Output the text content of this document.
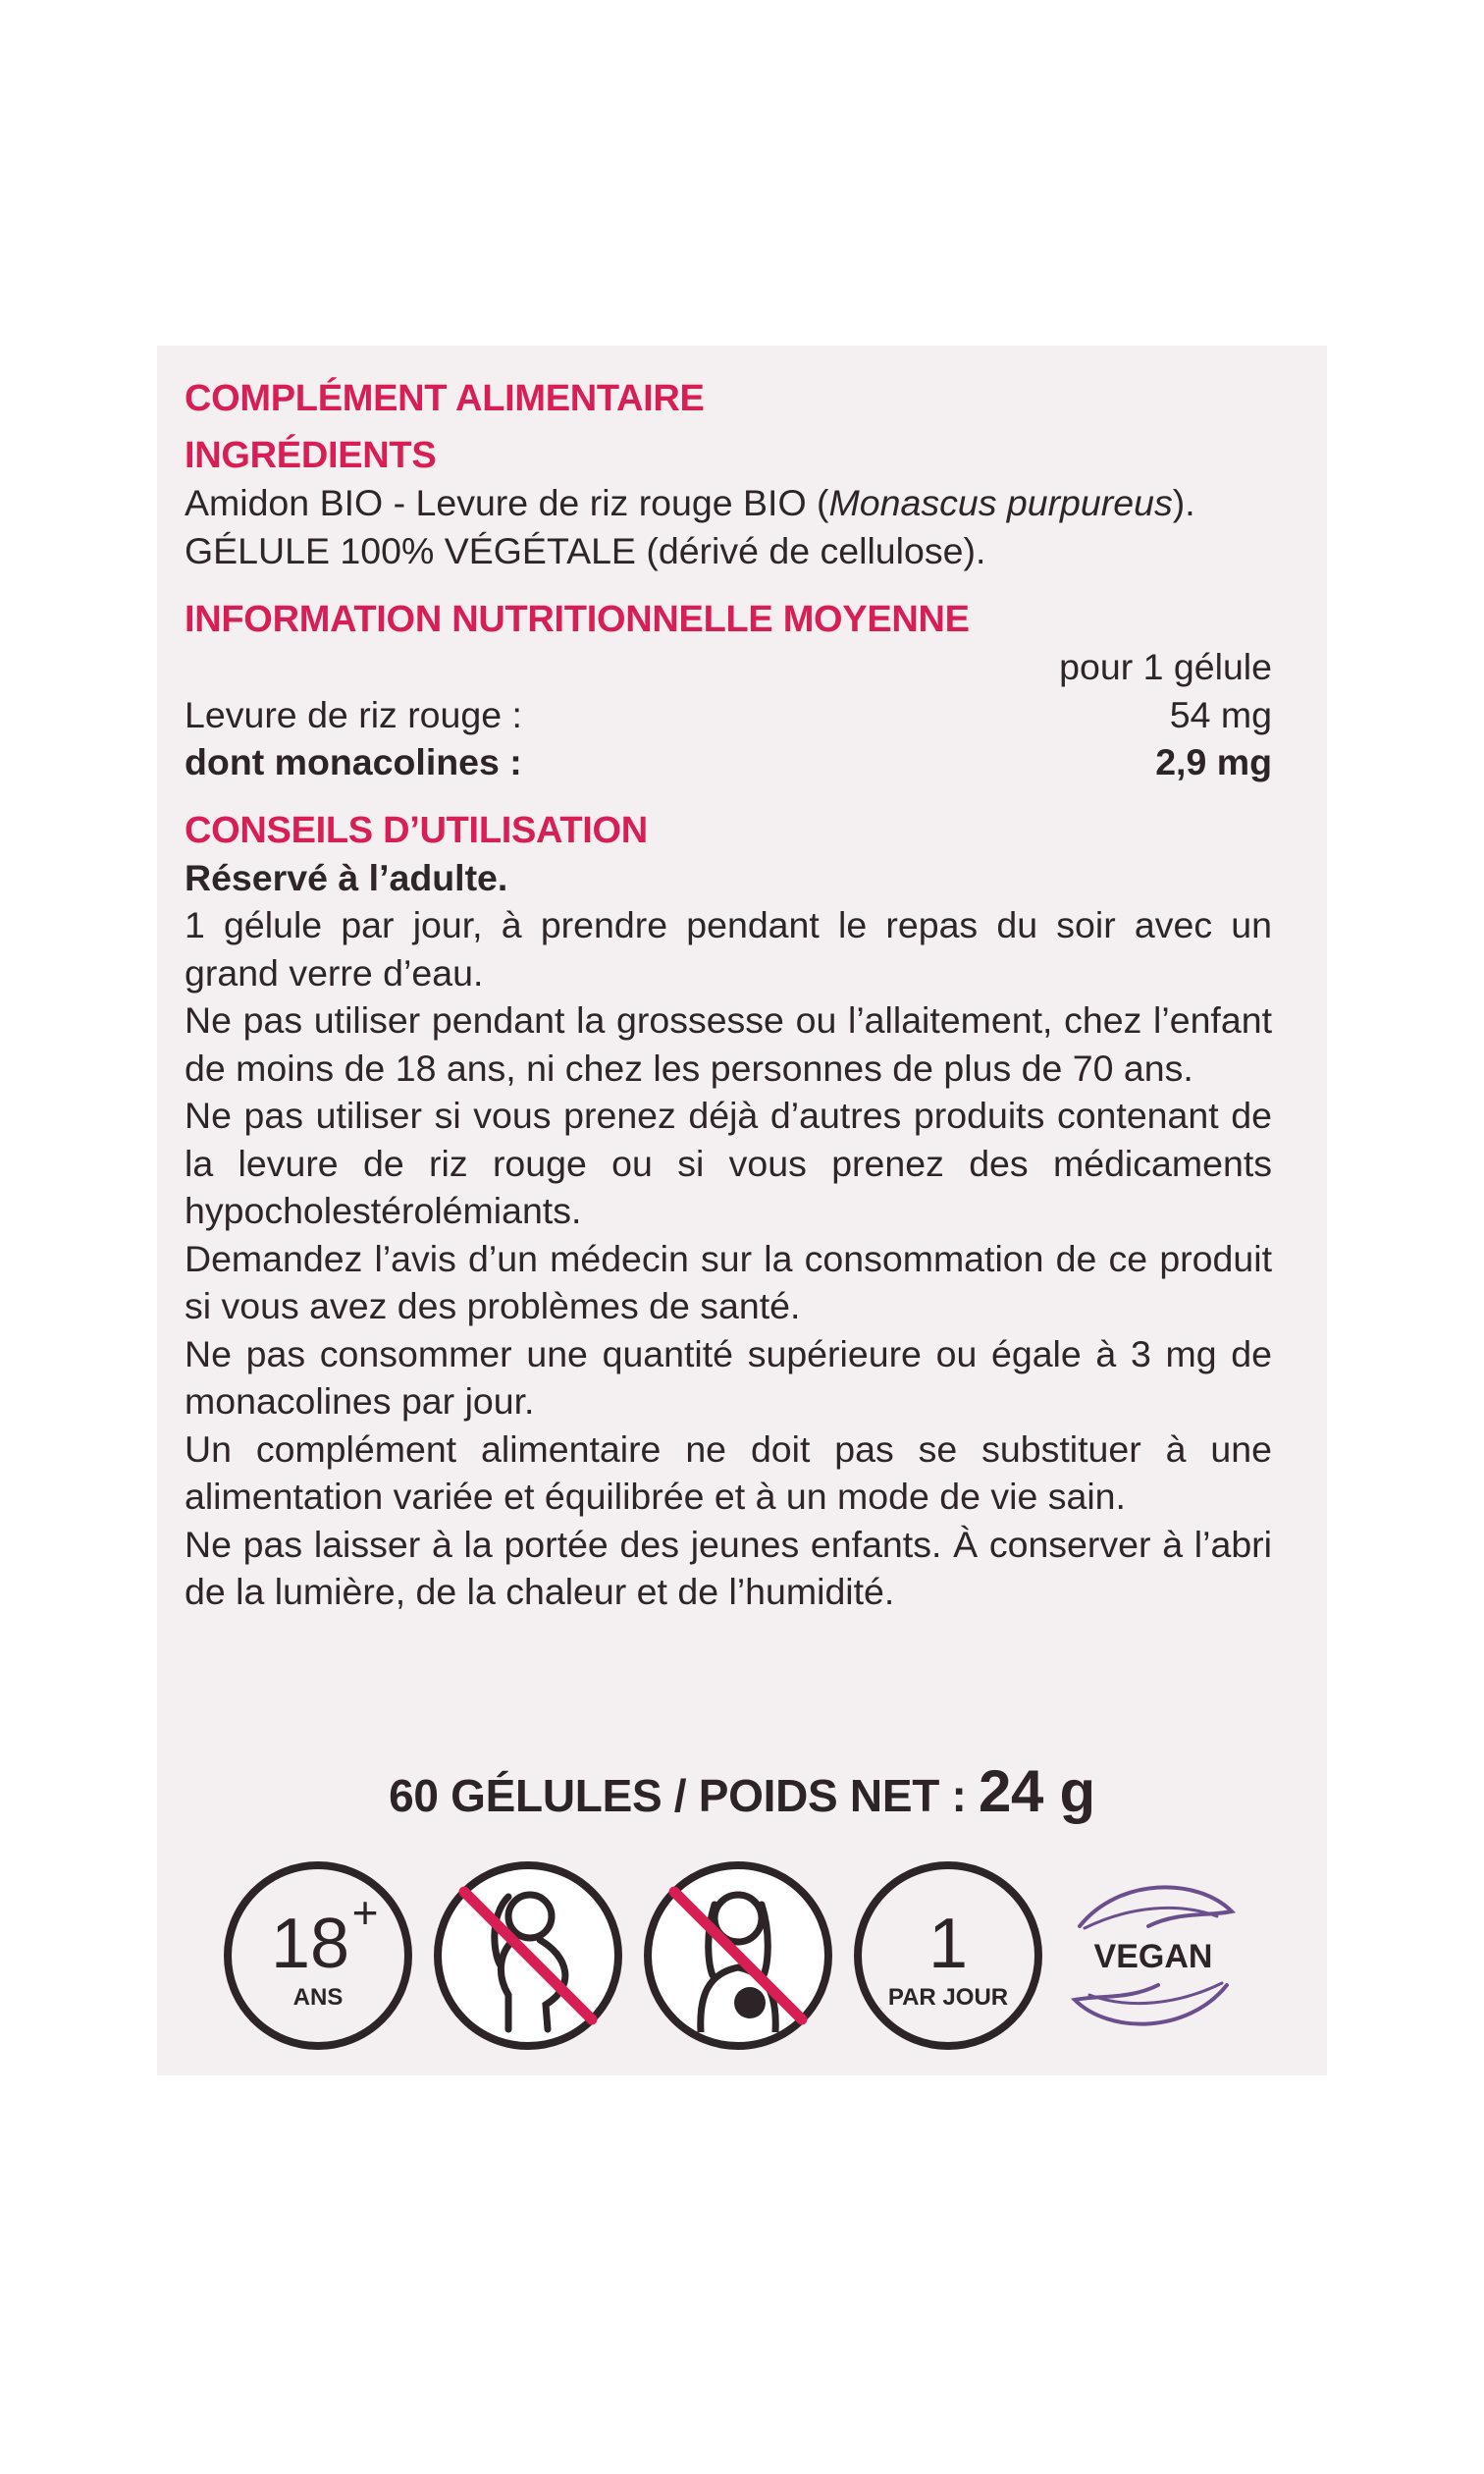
COMPLÉMENT ALIMENTAIRE

INGRÉDIENTS

Amidon BIO - Levure de riz rouge BIO (Monascus purpureus).

GÉLULE 100% VÉGÉTALE (dérivé de cellulose).

INFORMATION NUTRITIONNELLE MOYENNE

pour 1 gélule

Levure de riz rouge :	54 mg
dont monacolines :	2,9 mg

CONSEILS D’UTILISATION

Réservé à l’adulte.

1 gélule par jour, à prendre pendant le repas du soir avec un grand verre d’eau.

Ne pas utiliser pendant la grossesse ou l’allaitement, chez l’enfant de moins de 18 ans, ni chez les personnes de plus de 70 ans.

Ne pas utiliser si vous prenez déjà d’autres produits contenant de la levure de riz rouge ou si vous prenez des médicaments hypocholestérolémiants.

Demandez l’avis d’un médecin sur la consommation de ce produit si vous avez des problèmes de santé.

Ne pas consommer une quantité supérieure ou égale à 3 mg de monacolines par jour.

Un complément alimentaire ne doit pas se substituer à une alimentation variée et équilibrée et à un mode de vie sain.

Ne pas laisser à la portée des jeunes enfants. À conserver à l’abri de la lumière, de la chaleur et de l’humidité.

60 GÉLULES / POIDS NET : 24 g
18 +
ANS
1
PAR JOUR
VEGAN
